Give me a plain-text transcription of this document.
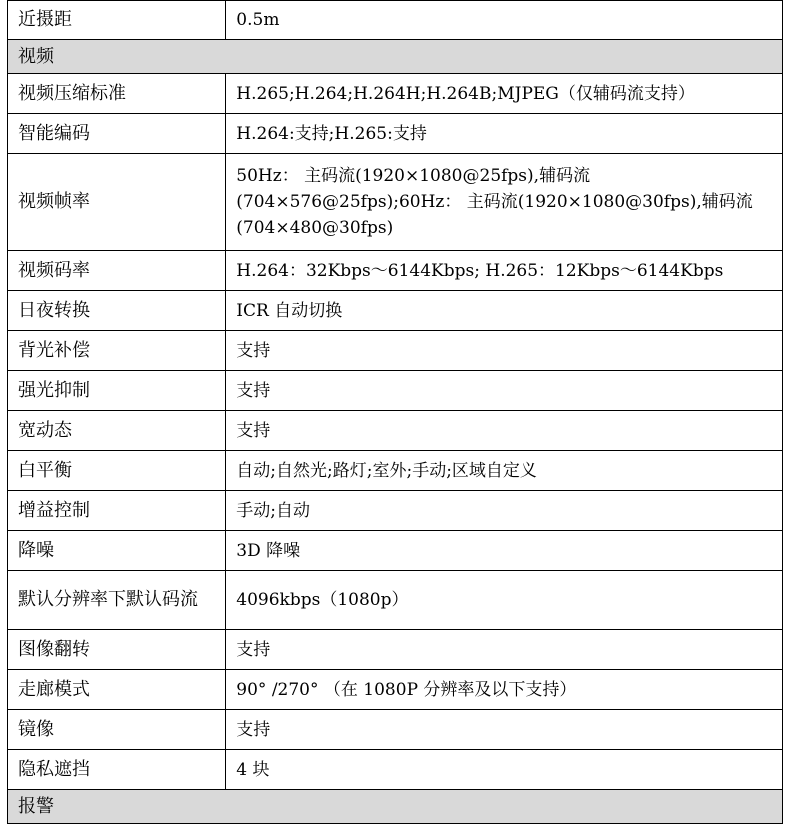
近摄距	0.5m
视频	
视频压缩标准	H.265;H.264;H.264H;H.264B;MJPEG（仅辅码流支持）
智能编码	H.264:支持;H.265:支持
视频帧率	50Hz： 主码流(1920×1080@25fps),辅码流(704×576@25fps);60Hz： 主码流(1920×1080@30fps),辅码流(704×480@30fps)
视频码率	H.264：32Kbps～6144Kbps; H.265：12Kbps～6144Kbps
日夜转换	ICR 自动切换
背光补偿	支持
强光抑制	支持
宽动态	支持
白平衡	自动;自然光;路灯;室外;手动;区域自定义
增益控制	手动;自动
降噪	3D 降噪
默认分辨率下默认码流	4096kbps（1080p）
图像翻转	支持
走廊模式	90° /270° （在 1080P 分辨率及以下支持）
镜像	支持
隐私遮挡	4 块
报警	
